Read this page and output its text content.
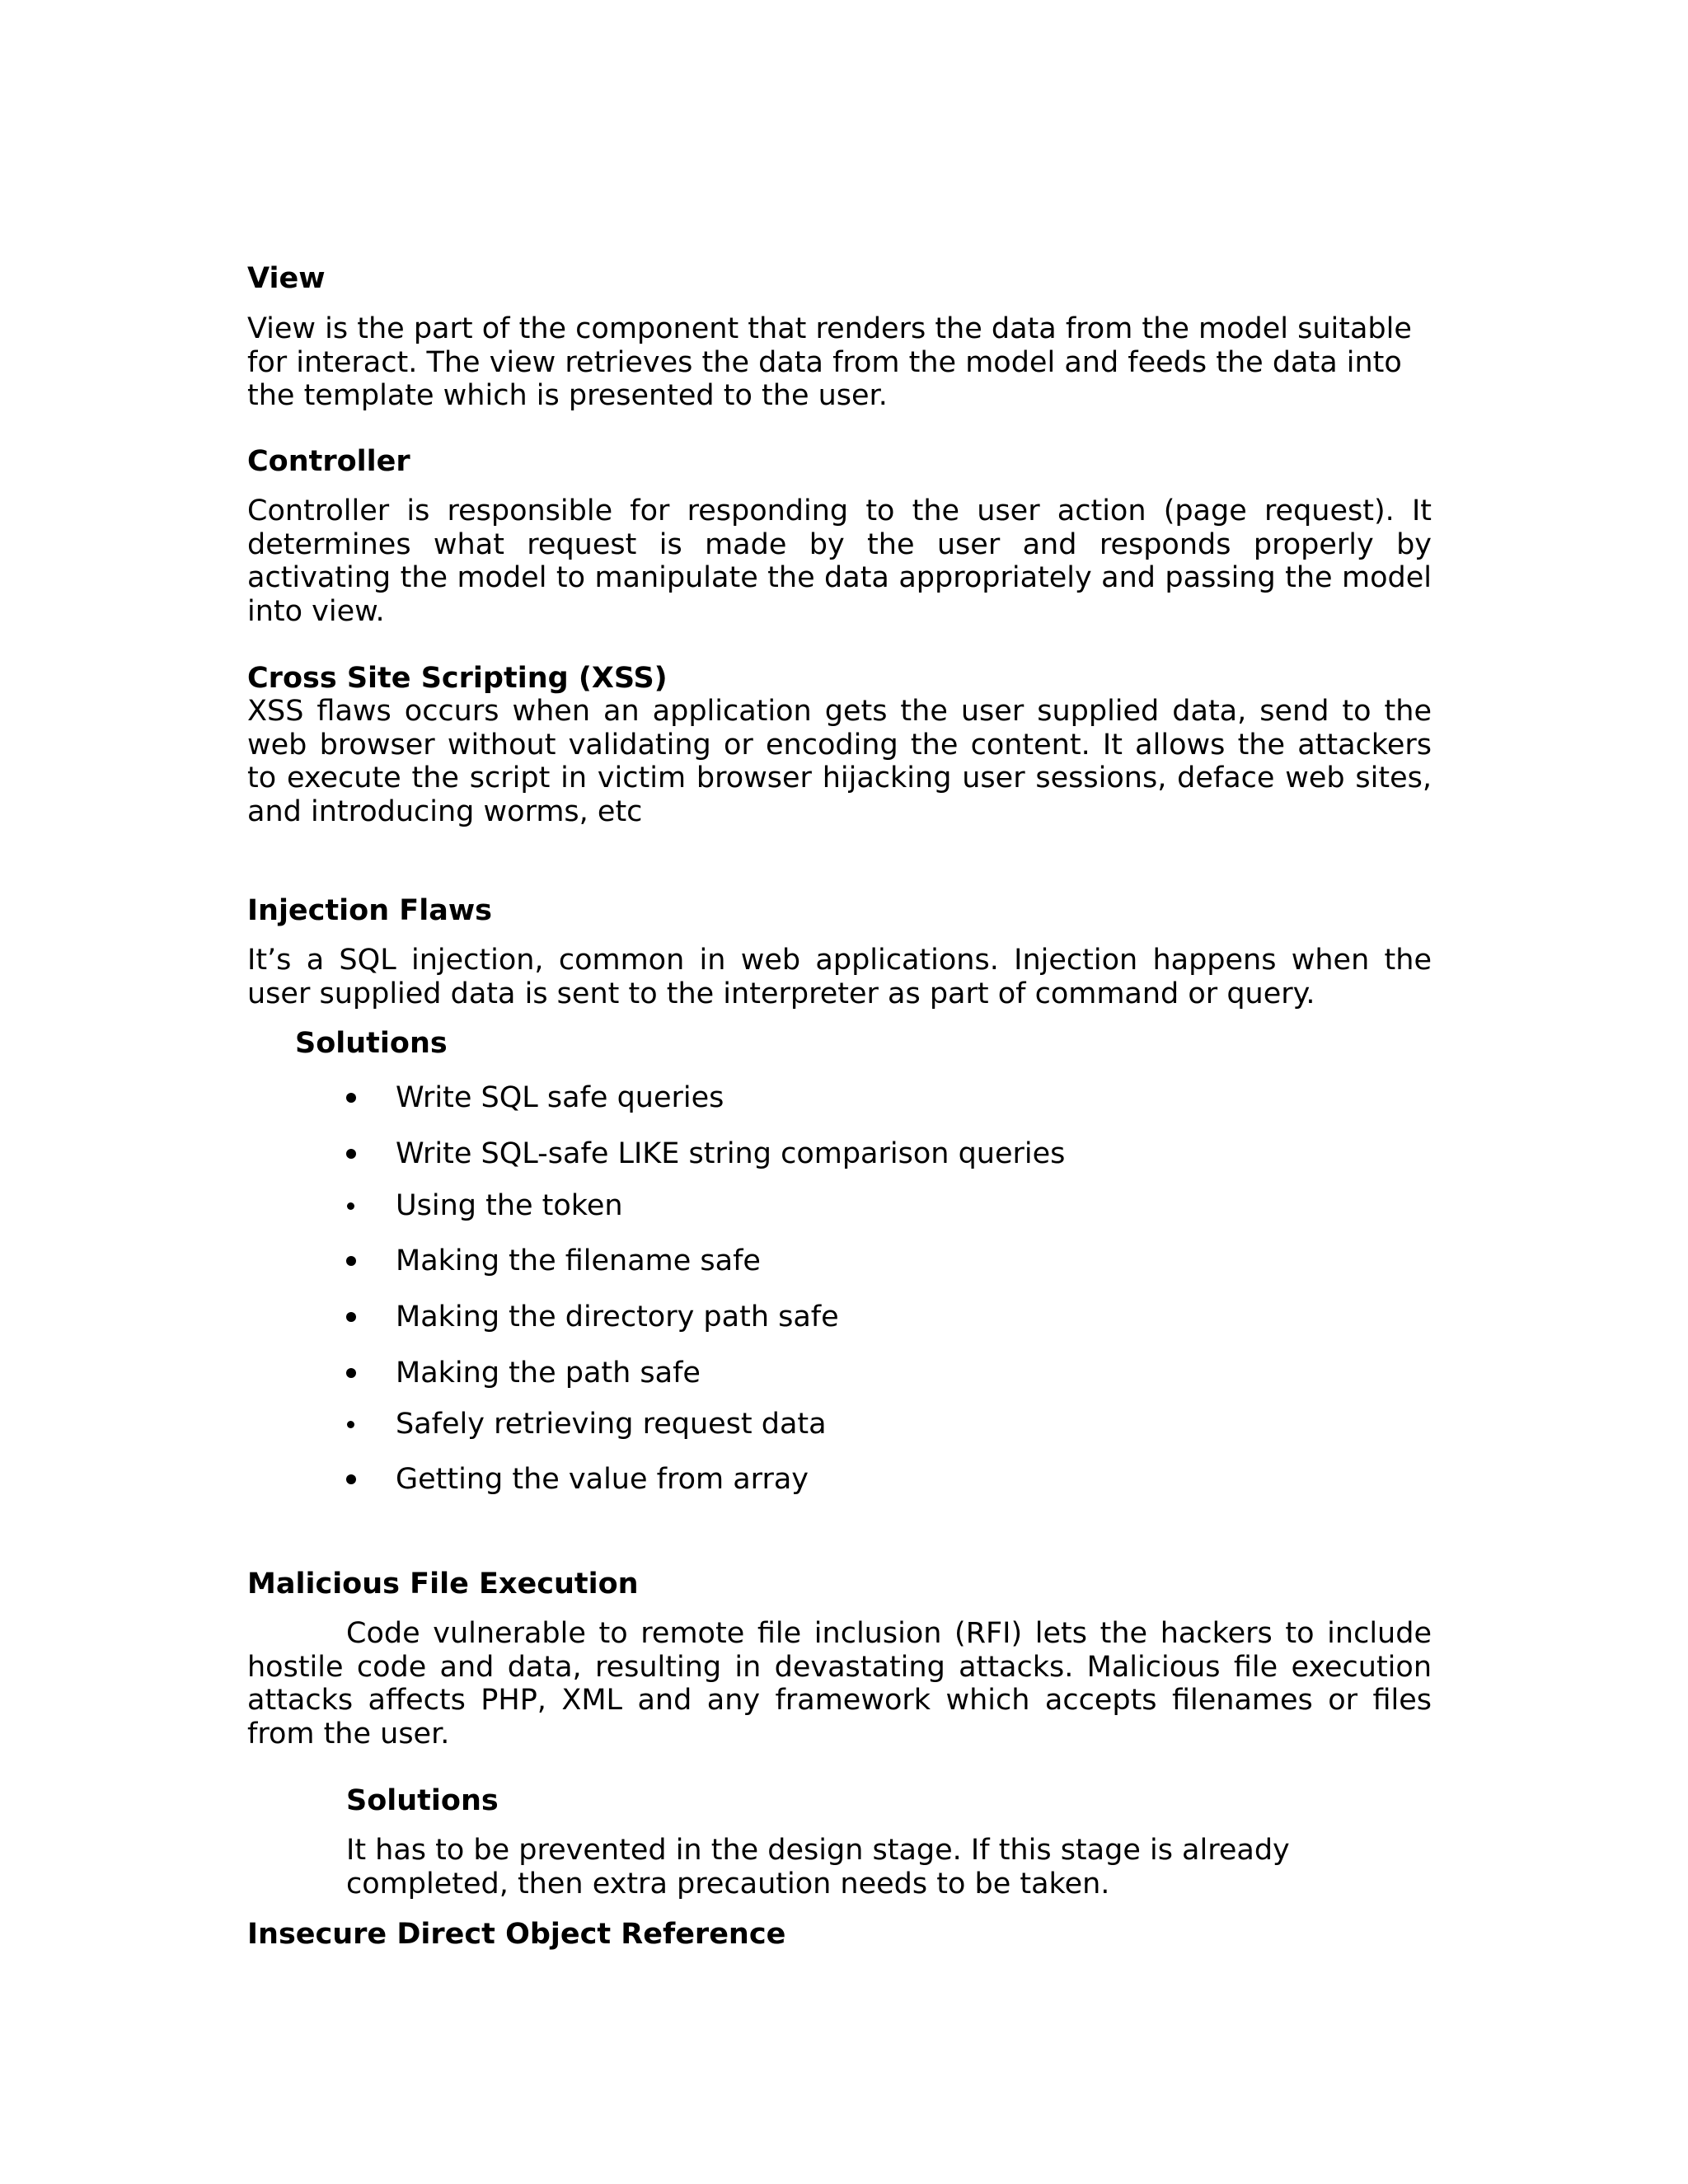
View

View is the part of the component that renders the data from the model suitable for interact. The view retrieves the data from the model and feeds the data into the template which is presented to the user.

Controller

Controller is responsible for responding to the user action (page request). It determines what request is made by the user and responds properly by activating the model to manipulate the data appropriately and passing the model into view.

Cross Site Scripting (XSS)

XSS flaws occurs when an application gets the user supplied data, send to the web browser without validating or encoding the content. It allows the attackers to execute the script in victim browser hijacking user sessions, deface web sites, and introducing worms, etc

Injection Flaws

It’s a SQL injection, common in web applications. Injection happens when the user supplied data is sent to the interpreter as part of command or query.

Solutions
Write SQL safe queries
Write SQL-safe LIKE string comparison queries
Using the token
Making the filename safe
Making the directory path safe
Making the path safe
Safely retrieving request data
Getting the value from array
Malicious File Execution

Code vulnerable to remote file inclusion (RFI) lets the hackers to include hostile code and data, resulting in devastating attacks. Malicious file execution attacks affects PHP, XML and any framework which accepts filenames or files from the user.

Solutions

It has to be prevented in the design stage. If this stage is already completed, then extra precaution needs to be taken.

Insecure Direct Object Reference
